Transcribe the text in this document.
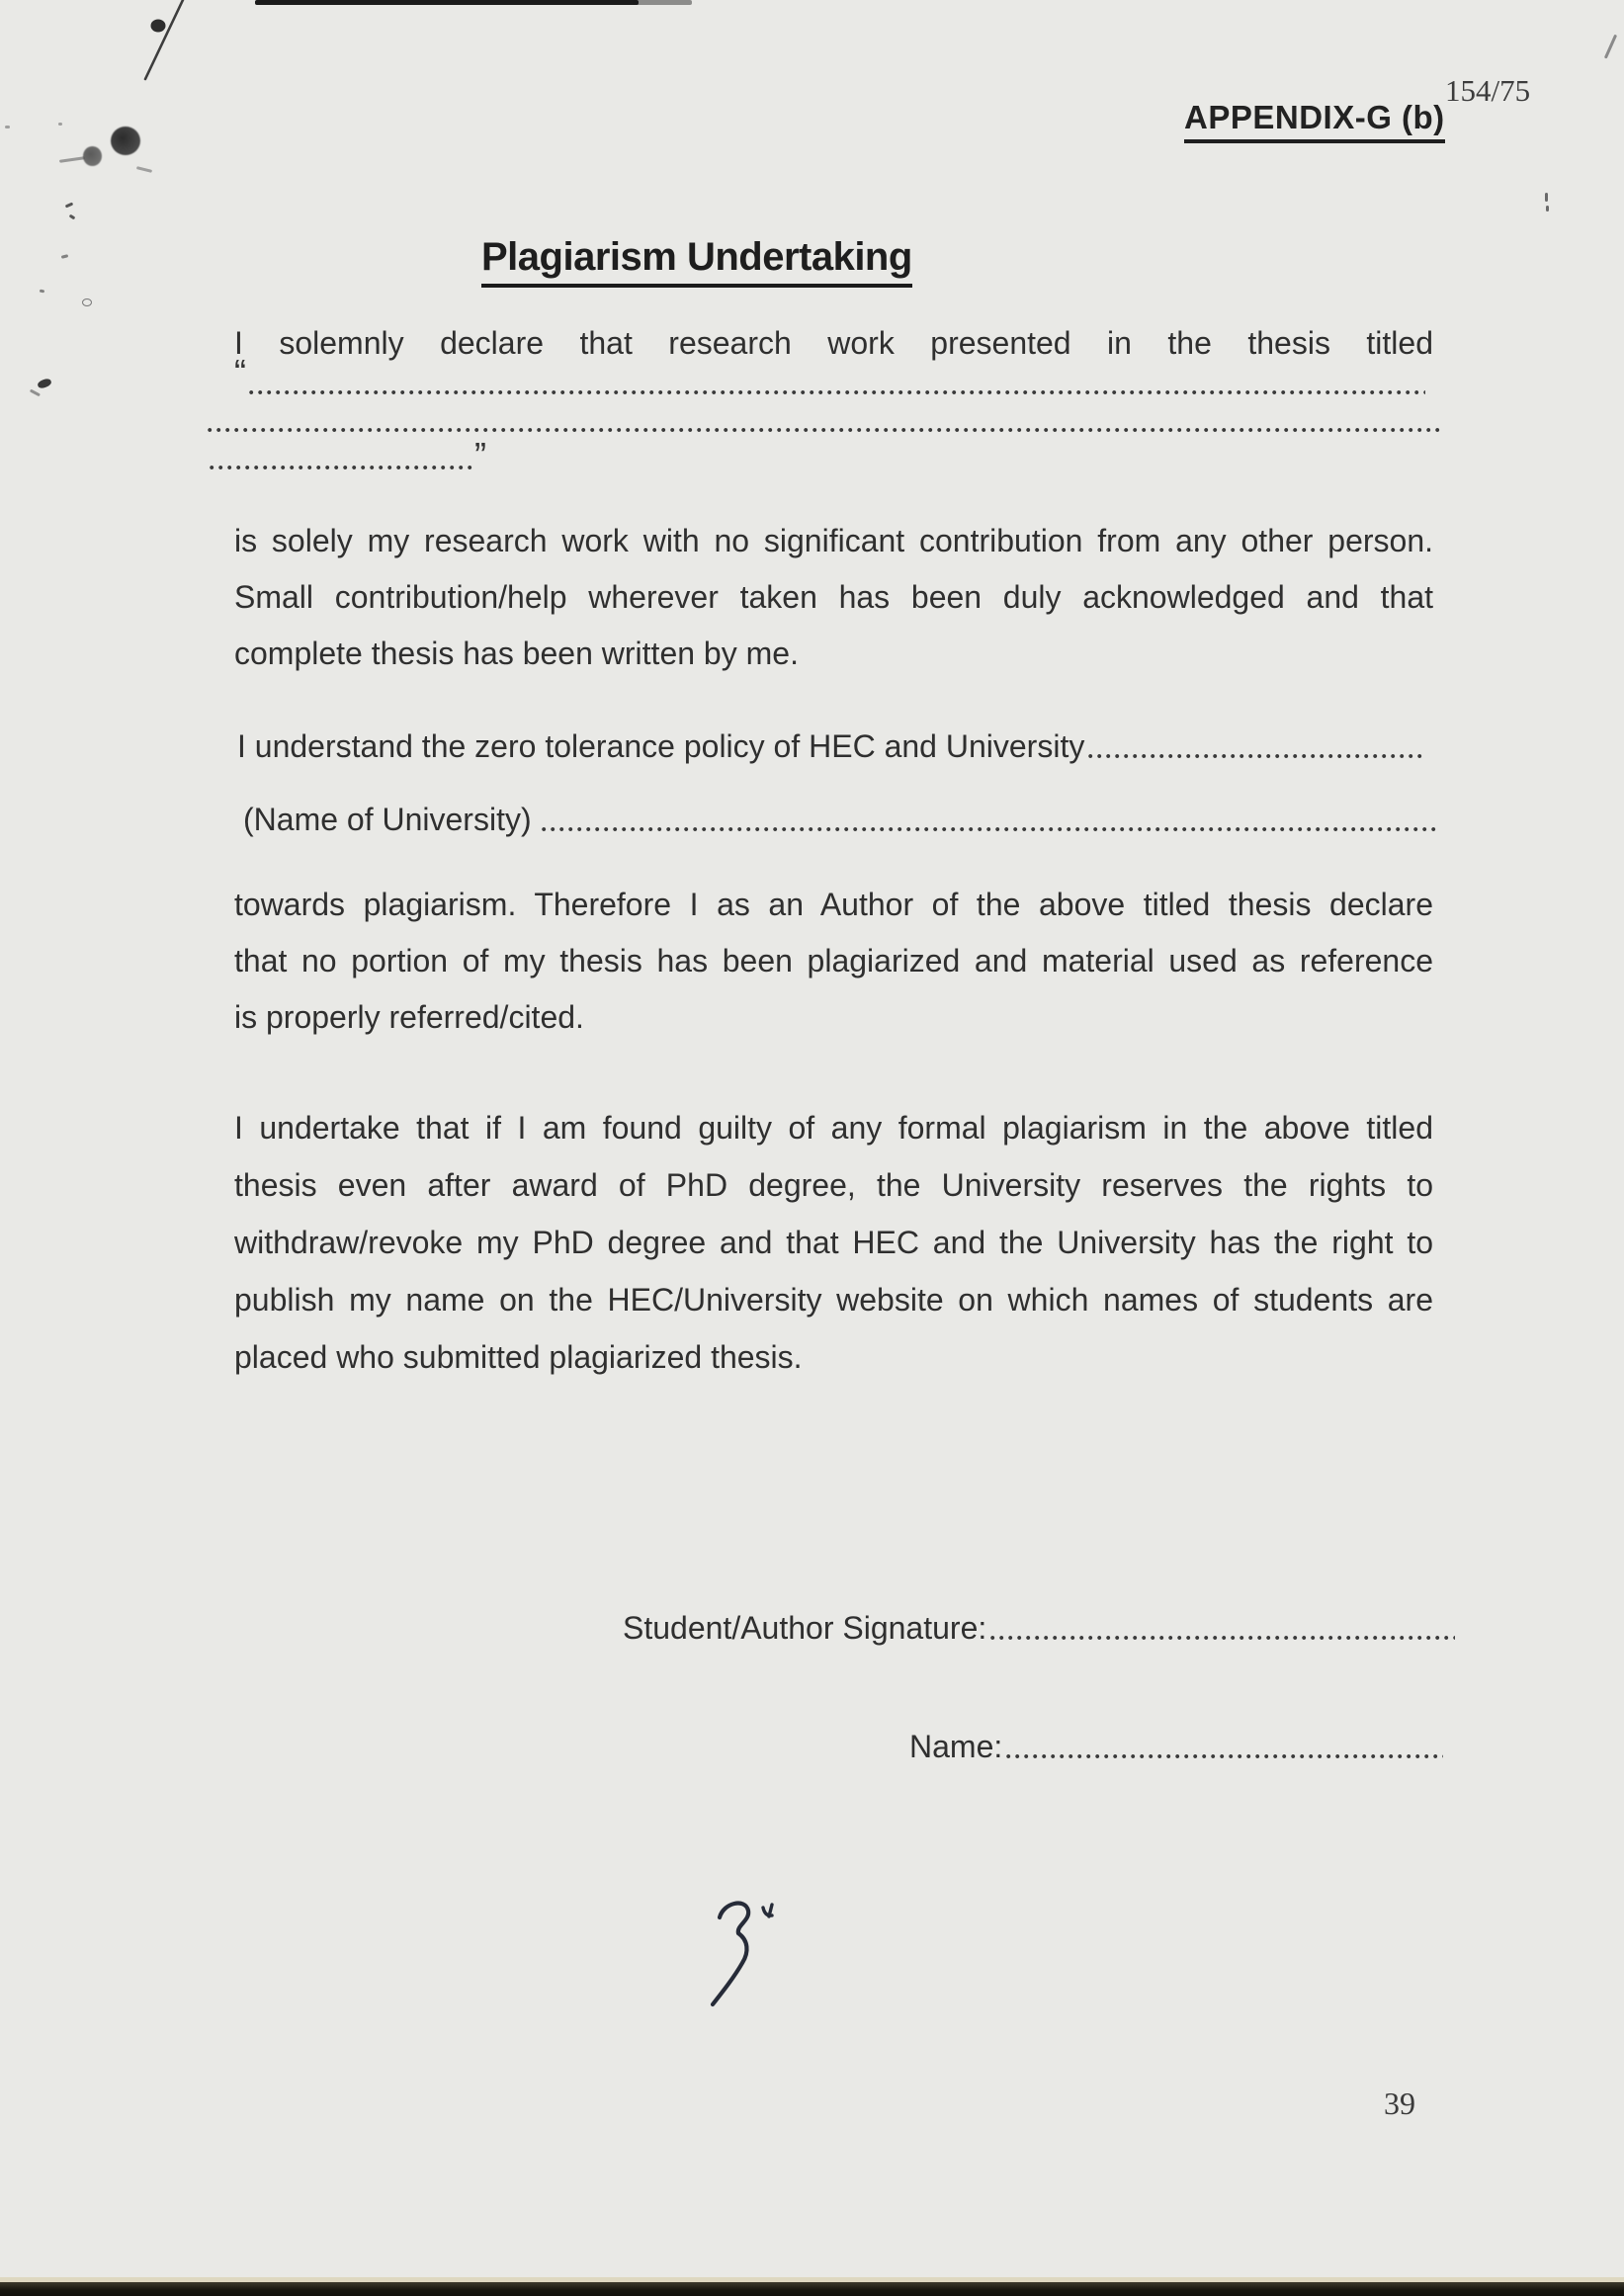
154/75
APPENDIX-G (b)
Plagiarism Undertaking
I solemnly declare that research work presented in the thesis titled
“
”
is solely my research work with no significant contribution from any other person.
Small contribution/help wherever taken has been duly acknowledged and that
complete thesis has been written by me.
I understand the zero tolerance policy of HEC and University
(Name of University)
towards plagiarism. Therefore I as an Author of the above titled thesis declare
that no portion of my thesis has been plagiarized and material used as reference
is properly referred/cited.
I undertake that if I am found guilty of any formal plagiarism in the above titled
thesis even after award of PhD degree, the University reserves the rights to
withdraw/revoke my PhD degree and that HEC and the University has the right to
publish my name on the HEC/University website on which names of students are
placed who submitted plagiarized thesis.
Student/Author Signature:
Name:
39
